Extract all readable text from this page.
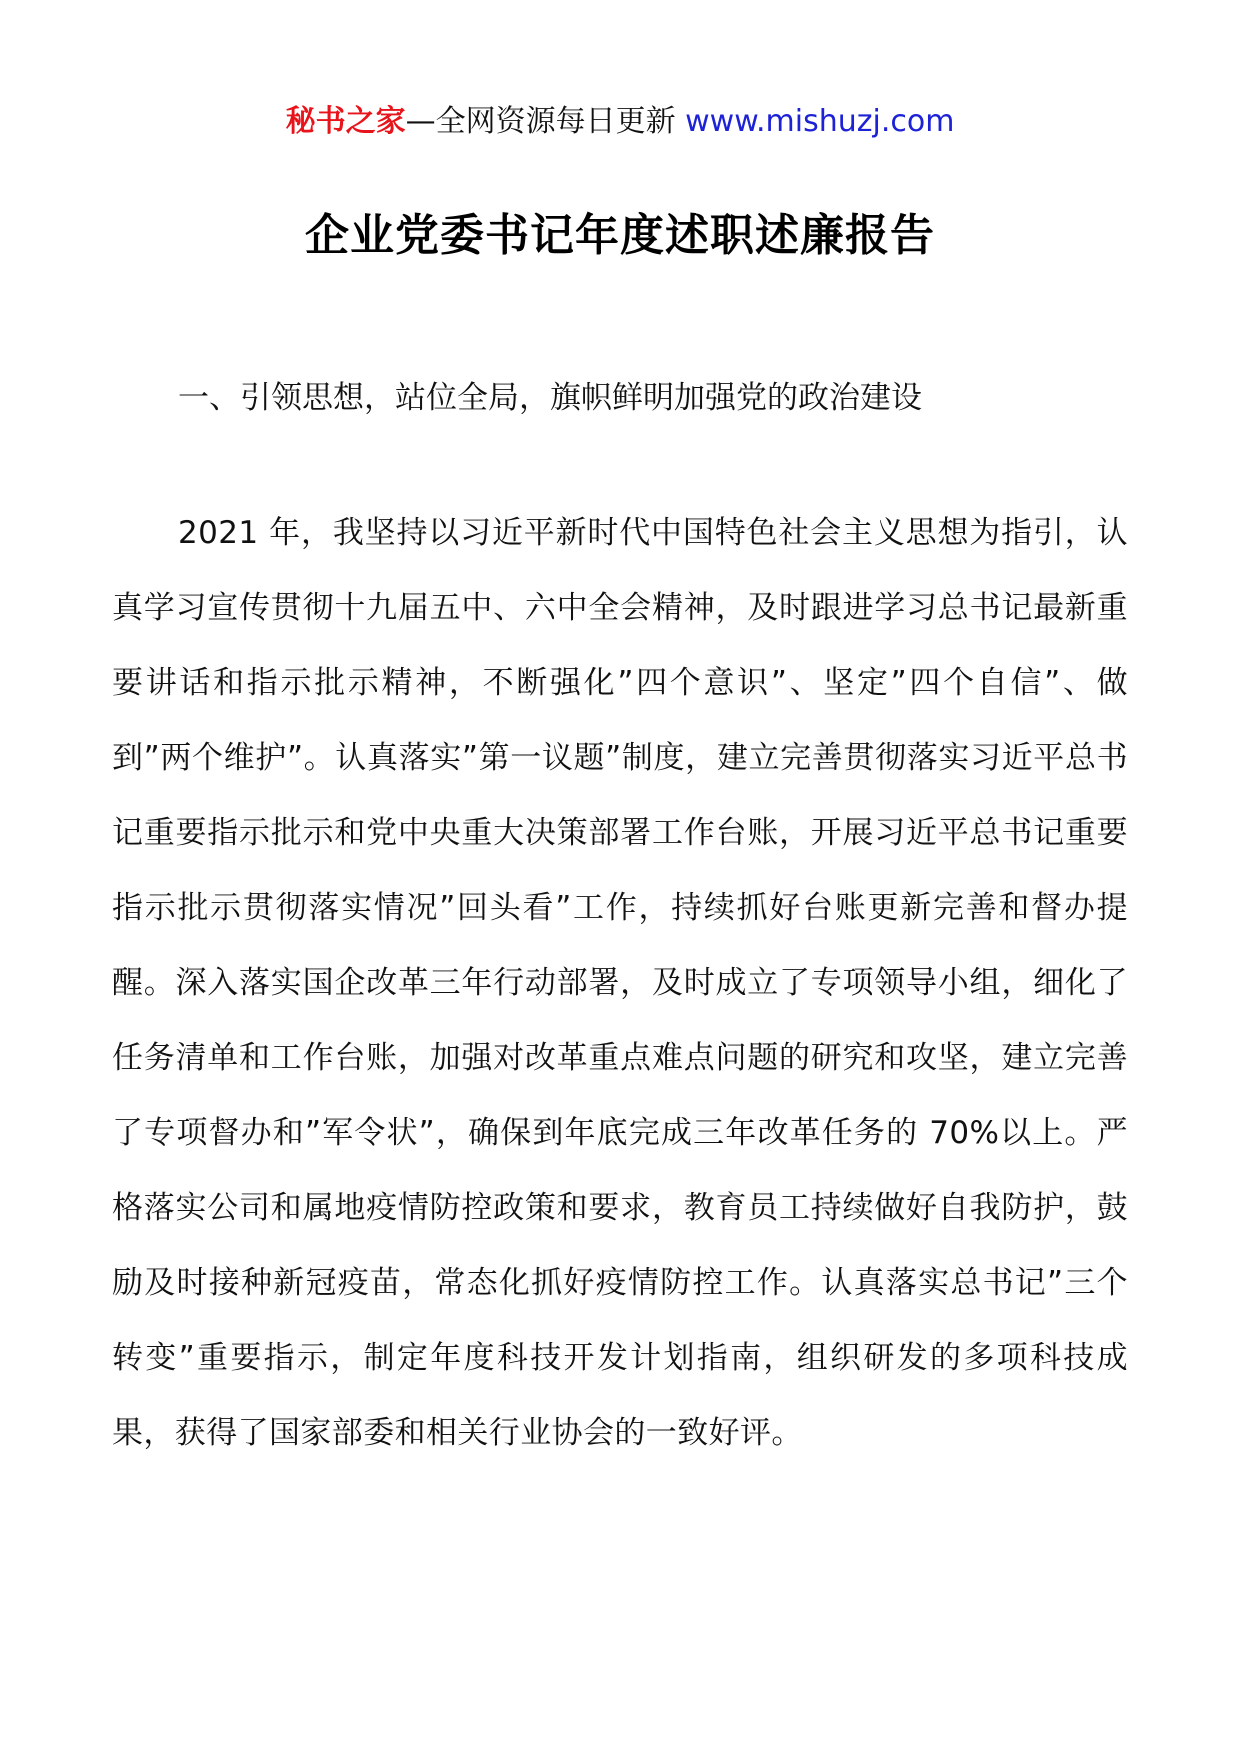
秘书之家—全网资源每日更新 www.mishuzj.com
企业党委书记年度述职述廉报告
一、引领思想，站位全局，旗帜鲜明加强党的政治建设

2021 年，我坚持以习近平新时代中国特色社会主义思想为指引，认真学习宣传贯彻十九届五中、六中全会精神，及时跟进学习总书记最新重要讲话和指示批示精神，不断强化”四个意识”、坚定”四个自信”、做到”两个维护”。认真落实”第一议题”制度，建立完善贯彻落实习近平总书记重要指示批示和党中央重大决策部署工作台账，开展习近平总书记重要指示批示贯彻落实情况”回头看”工作，持续抓好台账更新完善和督办提醒。深入落实国企改革三年行动部署，及时成立了专项领导小组，细化了任务清单和工作台账，加强对改革重点难点问题的研究和攻坚，建立完善了专项督办和”军令状”，确保到年底完成三年改革任务的 70%以上。严格落实公司和属地疫情防控政策和要求，教育员工持续做好自我防护，鼓励及时接种新冠疫苗，常态化抓好疫情防控工作。认真落实总书记”三个转变”重要指示，制定年度科技开发计划指南，组织研发的多项科技成果，获得了国家部委和相关行业协会的一致好评。
